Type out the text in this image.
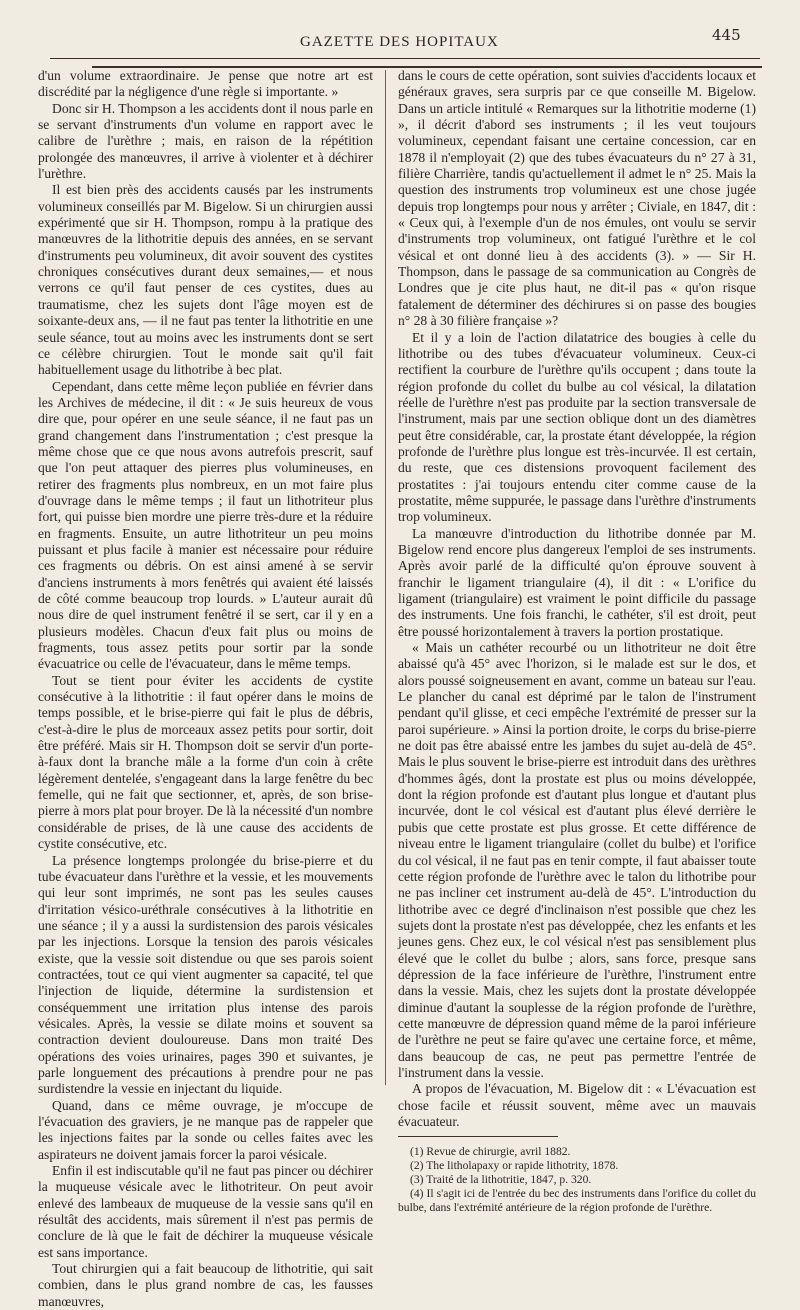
GAZETTE DES HOPITAUX	445

d'un volume extraordinaire. Je pense que notre art est discrédité par la négligence d'une règle si importante. »

Donc sir H. Thompson a les accidents dont il nous parle en se servant d'instruments d'un volume en rapport avec le calibre de l'urèthre ; mais, en raison de la répétition prolongée des manœuvres, il arrive à violenter et à déchirer l'urèthre.

Il est bien près des accidents causés par les instruments volumineux conseillés par M. Bigelow. Si un chirurgien aussi expérimenté que sir H. Thompson, rompu à la pratique des manœuvres de la lithotritie depuis des années, en se servant d'instruments peu volumineux, dit avoir souvent des cystites chroniques consécutives durant deux semaines,— et nous verrons ce qu'il faut penser de ces cystites, dues au traumatisme, chez les sujets dont l'âge moyen est de soixante-deux ans, — il ne faut pas tenter la lithotritie en une seule séance, tout au moins avec les instruments dont se sert ce célèbre chirurgien. Tout le monde sait qu'il fait habituellement usage du lithotribe à bec plat.

Cependant, dans cette même leçon publiée en février dans les Archives de médecine, il dit : « Je suis heureux de vous dire que, pour opérer en une seule séance, il ne faut pas un grand changement dans l'instrumentation ; c'est presque la même chose que ce que nous avons autrefois prescrit, sauf que l'on peut attaquer des pierres plus volumineuses, en retirer des fragments plus nombreux, en un mot faire plus d'ouvrage dans le même temps ; il faut un lithotriteur plus fort, qui puisse bien mordre une pierre très-dure et la réduire en fragments. Ensuite, un autre lithotriteur un peu moins puissant et plus facile à manier est nécessaire pour réduire ces fragments ou débris. On est ainsi amené à se servir d'anciens instruments à mors fenêtrés qui avaient été laissés de côté comme beaucoup trop lourds. » L'auteur aurait dû nous dire de quel instrument fenêtré il se sert, car il y en a plusieurs modèles. Chacun d'eux fait plus ou moins de fragments, tous assez petits pour sortir par la sonde évacuatrice ou celle de l'évacuateur, dans le même temps.

Tout se tient pour éviter les accidents de cystite consécutive à la lithotritie : il faut opérer dans le moins de temps possible, et le brise-pierre qui fait le plus de débris, c'est-à-dire le plus de morceaux assez petits pour sortir, doit être préféré. Mais sir H. Thompson doit se servir d'un porte-à-faux dont la branche mâle a la forme d'un coin à crête légèrement dentelée, s'engageant dans la large fenêtre du bec femelle, qui ne fait que sectionner, et, après, de son brise-pierre à mors plat pour broyer. De là la nécessité d'un nombre considérable de prises, de là une cause des accidents de cystite consécutive, etc.

La présence longtemps prolongée du brise-pierre et du tube évacuateur dans l'urèthre et la vessie, et les mouvements qui leur sont imprimés, ne sont pas les seules causes d'irritation vésico-uréthrale consécutives à la lithotritie en une séance ; il y a aussi la surdistension des parois vésicales par les injections. Lorsque la tension des parois vésicales existe, que la vessie soit distendue ou que ses parois soient contractées, tout ce qui vient augmenter sa capacité, tel que l'injection de liquide, détermine la surdistension et conséquemment une irritation plus intense des parois vésicales. Après, la vessie se dilate moins et souvent sa contraction devient douloureuse. Dans mon traité Des opérations des voies urinaires, pages 390 et suivantes, je parle longuement des précautions à prendre pour ne pas surdistendre la vessie en injectant du liquide.

Quand, dans ce même ouvrage, je m'occupe de l'évacuation des graviers, je ne manque pas de rappeler que les injections faites par la sonde ou celles faites avec les aspirateurs ne doivent jamais forcer la paroi vésicale.

Enfin il est indiscutable qu'il ne faut pas pincer ou déchirer la muqueuse vésicale avec le lithotriteur. On peut avoir enlevé des lambeaux de muqueuse de la vessie sans qu'il en résultât des accidents, mais sûrement il n'est pas permis de conclure de là que le fait de déchirer la muqueuse vésicale est sans importance.

Tout chirurgien qui a fait beaucoup de lithotritie, qui sait combien, dans le plus grand nombre de cas, les fausses manœuvres,

dans le cours de cette opération, sont suivies d'accidents locaux et généraux graves, sera surpris par ce que conseille M. Bigelow. Dans un article intitulé « Remarques sur la lithotritie moderne (1) », il décrit d'abord ses instruments ; il les veut toujours volumineux, cependant faisant une certaine concession, car en 1878 il n'employait (2) que des tubes évacuateurs du n° 27 à 31, filière Charrière, tandis qu'actuellement il admet le n° 25. Mais la question des instruments trop volumineux est une chose jugée depuis trop longtemps pour nous y arrêter ; Civiale, en 1847, dit : « Ceux qui, à l'exemple d'un de nos émules, ont voulu se servir d'instruments trop volumineux, ont fatigué l'urèthre et le col vésical et ont donné lieu à des accidents (3). » — Sir H. Thompson, dans le passage de sa communication au Congrès de Londres que je cite plus haut, ne dit-il pas « qu'on risque fatalement de déterminer des déchirures si on passe des bougies n° 28 à 30 filière française »?

Et il y a loin de l'action dilatatrice des bougies à celle du lithotribe ou des tubes d'évacuateur volumineux. Ceux-ci rectifient la courbure de l'urèthre qu'ils occupent ; dans toute la région profonde du collet du bulbe au col vésical, la dilatation réelle de l'urèthre n'est pas produite par la section transversale de l'instrument, mais par une section oblique dont un des diamètres peut être considérable, car, la prostate étant développée, la région profonde de l'urèthre plus longue est très-incurvée. Il est certain, du reste, que ces distensions provoquent facilement des prostatites : j'ai toujours entendu citer comme cause de la prostatite, même suppurée, le passage dans l'urèthre d'instruments trop volumineux.

La manœuvre d'introduction du lithotribe donnée par M. Bigelow rend encore plus dangereux l'emploi de ses instruments. Après avoir parlé de la difficulté qu'on éprouve souvent à franchir le ligament triangulaire (4), il dit : « L'orifice du ligament (triangulaire) est vraiment le point difficile du passage des instruments. Une fois franchi, le cathéter, s'il est droit, peut être poussé horizontalement à travers la portion prostatique.

« Mais un cathéter recourbé ou un lithotriteur ne doit être abaissé qu'à 45° avec l'horizon, si le malade est sur le dos, et alors poussé soigneusement en avant, comme un bateau sur l'eau. Le plancher du canal est déprimé par le talon de l'instrument pendant qu'il glisse, et ceci empêche l'extrémité de presser sur la paroi supérieure. » Ainsi la portion droite, le corps du brise-pierre ne doit pas être abaissé entre les jambes du sujet au-delà de 45°. Mais le plus souvent le brise-pierre est introduit dans des urèthres d'hommes âgés, dont la prostate est plus ou moins développée, dont la région profonde est d'autant plus longue et d'autant plus incurvée, dont le col vésical est d'autant plus élevé derrière le pubis que cette prostate est plus grosse. Et cette différence de niveau entre le ligament triangulaire (collet du bulbe) et l'orifice du col vésical, il ne faut pas en tenir compte, il faut abaisser toute cette région profonde de l'urèthre avec le talon du lithotribe pour ne pas incliner cet instrument au-delà de 45°. L'introduction du lithotribe avec ce degré d'inclinaison n'est possible que chez les sujets dont la prostate n'est pas développée, chez les enfants et les jeunes gens. Chez eux, le col vésical n'est pas sensiblement plus élevé que le collet du bulbe ; alors, sans force, presque sans dépression de la face inférieure de l'urèthre, l'instrument entre dans la vessie. Mais, chez les sujets dont la prostate développée diminue d'autant la souplesse de la région profonde de l'urèthre, cette manœuvre de dépression quand même de la paroi inférieure de l'urèthre ne peut se faire qu'avec une certaine force, et même, dans beaucoup de cas, ne peut pas permettre l'entrée de l'instrument dans la vessie.

A propos de l'évacuation, M. Bigelow dit : « L'évacuation est chose facile et réussit souvent, même avec un mauvais évacuateur.

(1) Revue de chirurgie, avril 1882.
(2) The litholapaxy or rapide lithotrity, 1878.
(3) Traité de la lithotritie, 1847, p. 320.
(4) Il s'agit ici de l'entrée du bec des instruments dans l'orifice du collet du bulbe, dans l'extrémité antérieure de la région profonde de l'urèthre.
